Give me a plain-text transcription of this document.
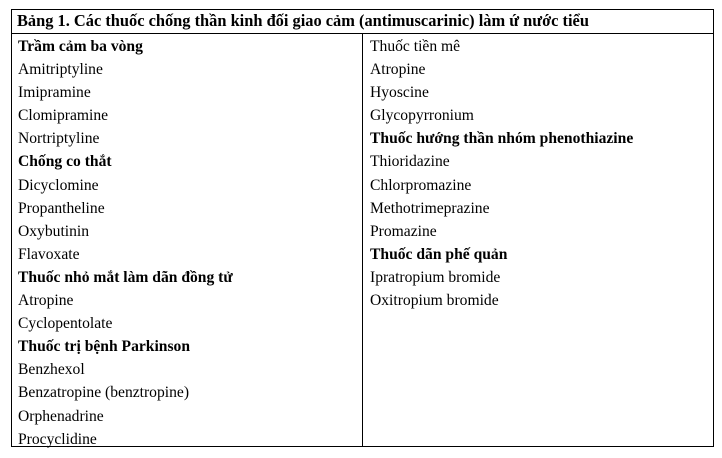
Bảng 1. Các thuốc chống thần kinh đối giao cảm (antimuscarinic) làm ứ nước tiểu
Trầm cảm ba vòng
Amitriptyline
Imipramine
Clomipramine
Nortriptyline
Chống co thắt
Dicyclomine
Propantheline
Oxybutinin
Flavoxate
Thuốc nhỏ mắt làm dãn đồng tử
Atropine
Cyclopentolate
Thuốc trị bệnh Parkinson
Benzhexol
Benzatropine (benztropine)
Orphenadrine
Procyclidine
Thuốc tiền mê
Atropine
Hyoscine
Glycopyrronium
Thuốc hướng thần nhóm phenothiazine
Thioridazine
Chlorpromazine
Methotrimeprazine
Promazine
Thuốc dãn phế quản
Ipratropium bromide
Oxitropium bromide
